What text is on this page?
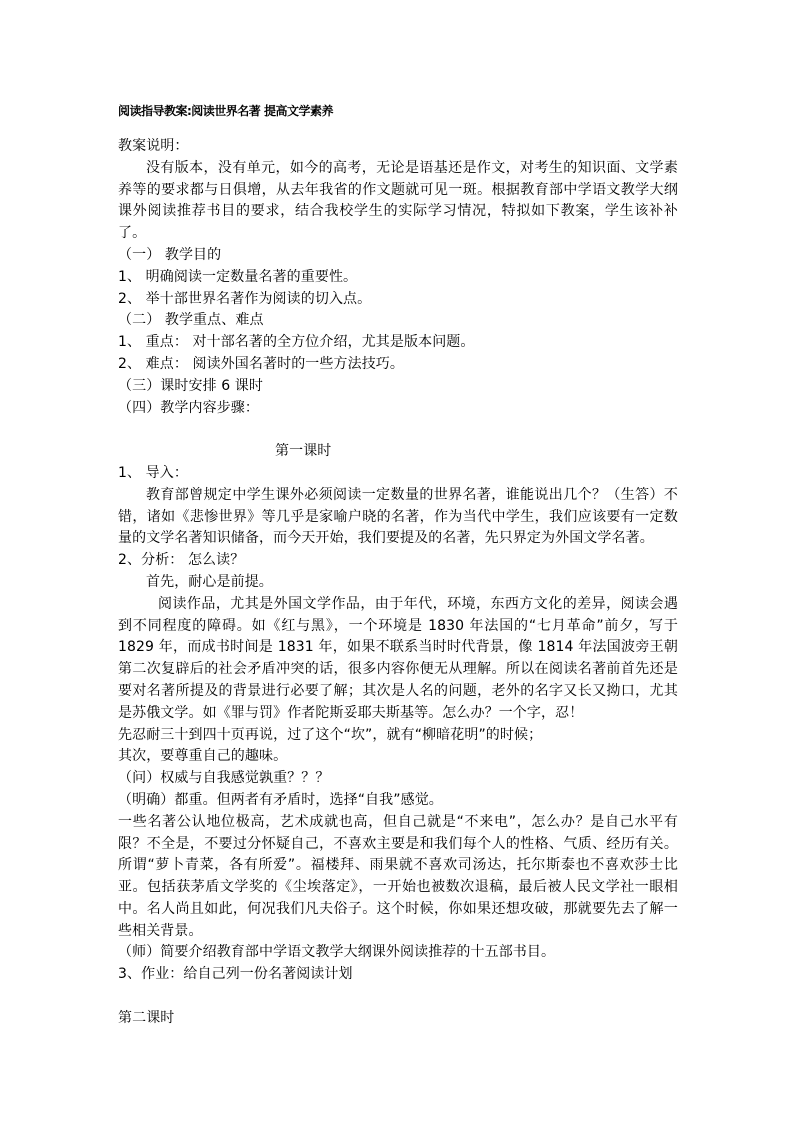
阅读指导教案:阅读世界名著 提高文学素养

教案说明：

没有版本，没有单元，如今的高考，无论是语基还是作文，对考生的知识面、文学素养等的要求都与日俱增，从去年我省的作文题就可见一斑。根据教育部中学语文教学大纲课外阅读推荐书目的要求，结合我校学生的实际学习情况，特拟如下教案，学生该补补了。

（一） 教学目的

1、 明确阅读一定数量名著的重要性。

2、 举十部世界名著作为阅读的切入点。

（二） 教学重点、难点

1、 重点： 对十部名著的全方位介绍，尤其是版本问题。

2、 难点： 阅读外国名著时的一些方法技巧。

（三）课时安排 6 课时

（四）教学内容步骤：

第一课时

1、 导入：

教育部曾规定中学生课外必须阅读一定数量的世界名著，谁能说出几个？（生答）不错，诸如《悲惨世界》等几乎是家喻户晓的名著，作为当代中学生，我们应该要有一定数量的文学名著知识储备，而今天开始，我们要提及的名著，先只界定为外国文学名著。

2、分析： 怎么读？

首先，耐心是前提。

阅读作品，尤其是外国文学作品，由于年代，环境，东西方文化的差异，阅读会遇到不同程度的障碍。如《红与黑》，一个环境是 1830 年法国的“七月革命”前夕，写于 1829 年，而成书时间是 1831 年，如果不联系当时时代背景，像 1814 年法国波旁王朝 第二次复辟后的社会矛盾冲突的话，很多内容你便无从理解。所以在阅读名著前首先还是要对名著所提及的背景进行必要了解；其次是人名的问题，老外的名字又长又拗口，尤其是苏俄文学。如《罪与罚》作者陀斯妥耶夫斯基等。怎么办？一个字，忍！

先忍耐三十到四十页再说，过了这个“坎”，就有“柳暗花明”的时候；

其次，要尊重自己的趣味。

（问）权威与自我感觉孰重？？？

（明确）都重。但两者有矛盾时，选择“自我”感觉。

一些名著公认地位极高，艺术成就也高，但自己就是“不来电”，怎么办？是自己水平有限？不全是，不要过分怀疑自己，不喜欢主要是和我们每个人的性格、气质、经历有关。所谓“萝卜青菜，各有所爱”。福楼拜、雨果就不喜欢司汤达，托尔斯泰也不喜欢莎士比亚。包括获茅盾文学奖的《尘埃落定》，一开始也被数次退稿，最后被人民文学社一眼相中。名人尚且如此，何况我们凡夫俗子。这个时候，你如果还想攻破，那就要先去了解一些相关背景。

（师）简要介绍教育部中学语文教学大纲课外阅读推荐的十五部书目。

3、作业：给自己列一份名著阅读计划

第二课时
